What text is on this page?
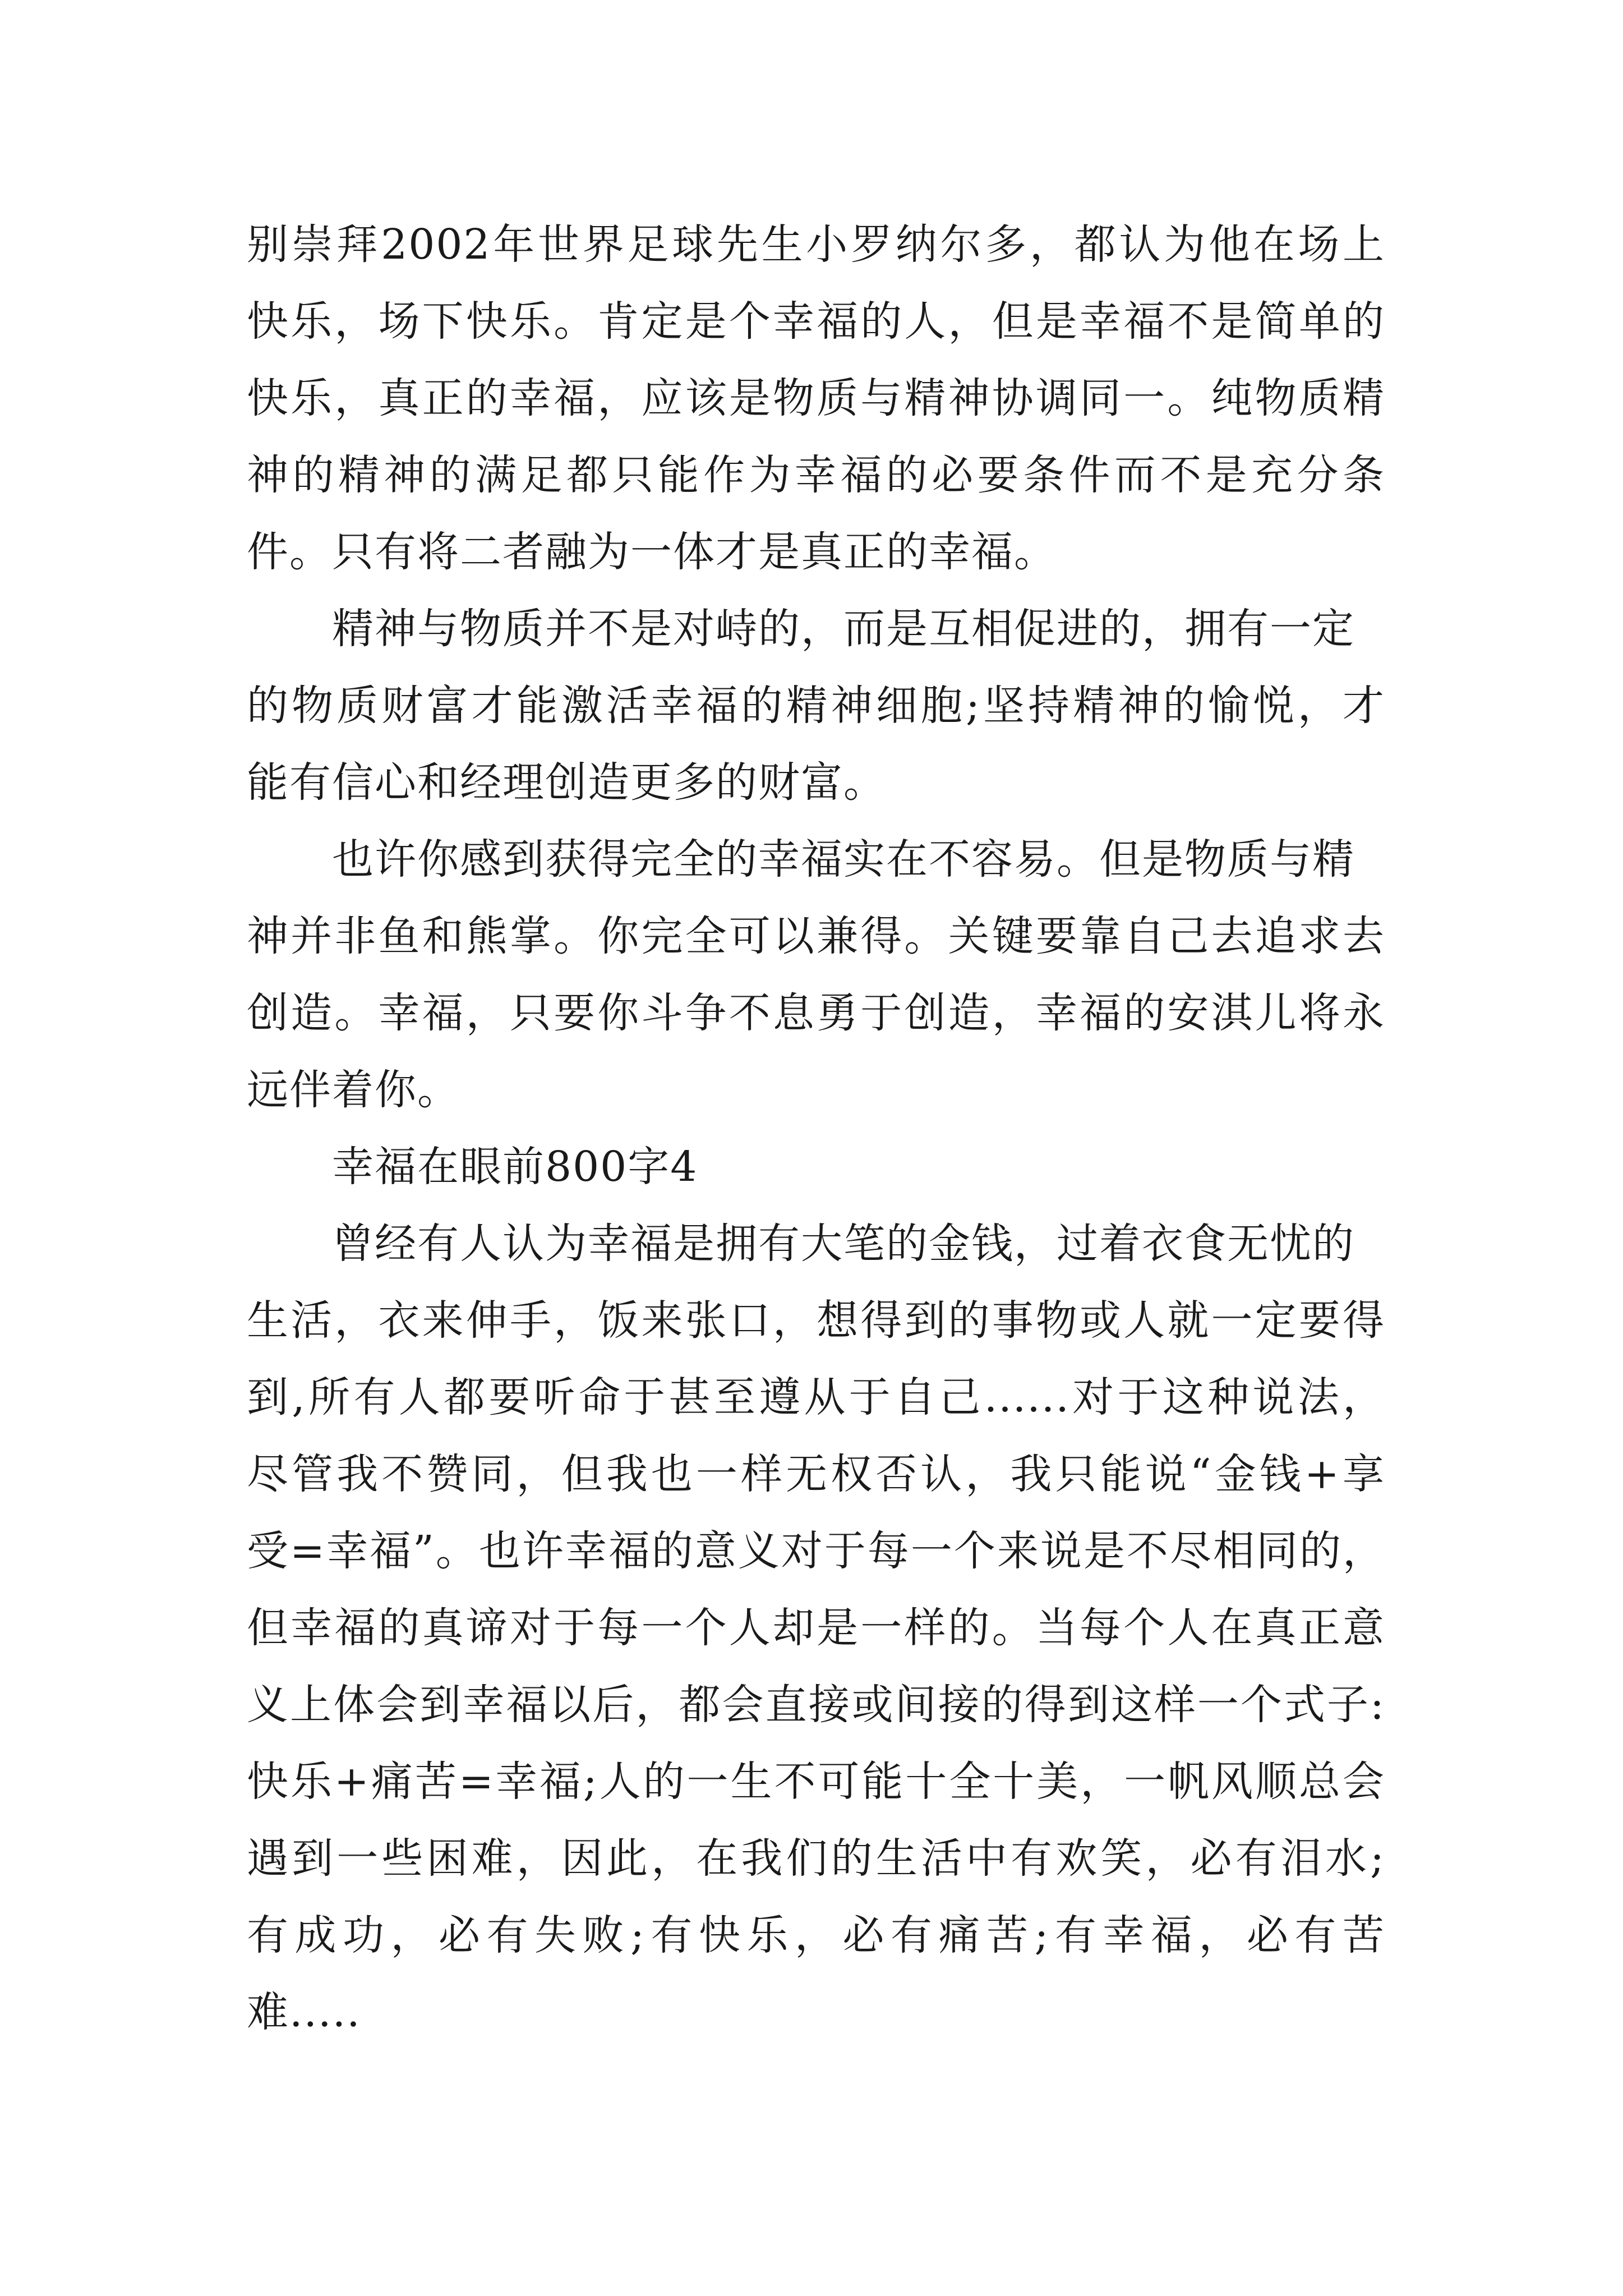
别崇拜2002年世界足球先生小罗纳尔多，都认为他在场上
快乐，场下快乐。肯定是个幸福的人，但是幸福不是简单的
快乐，真正的幸福，应该是物质与精神协调同一。纯物质精
神的精神的满足都只能作为幸福的必要条件而不是充分条
件。只有将二者融为一体才是真正的幸福。
精神与物质并不是对峙的，而是互相促进的，拥有一定
的物质财富才能激活幸福的精神细胞;坚持精神的愉悦，才
能有信心和经理创造更多的财富。
也许你感到获得完全的幸福实在不容易。但是物质与精
神并非鱼和熊掌。你完全可以兼得。关键要靠自己去追求去
创造。幸福，只要你斗争不息勇于创造，幸福的安淇儿将永
远伴着你。
幸福在眼前800字4
曾经有人认为幸福是拥有大笔的金钱，过着衣食无忧的
生活，衣来伸手，饭来张口，想得到的事物或人就一定要得
到,所有人都要听命于甚至遵从于自己......对于这种说法，
尽管我不赞同，但我也一样无权否认，我只能说“金钱+享
受=幸福”。也许幸福的意义对于每一个来说是不尽相同的，
但幸福的真谛对于每一个人却是一样的。当每个人在真正意
义上体会到幸福以后，都会直接或间接的得到这样一个式子:
快乐+痛苦=幸福;人的一生不可能十全十美，一帆风顺总会
遇到一些困难，因此，在我们的生活中有欢笑，必有泪水;
有成功，必有失败;有快乐，必有痛苦;有幸福，必有苦
难.....
